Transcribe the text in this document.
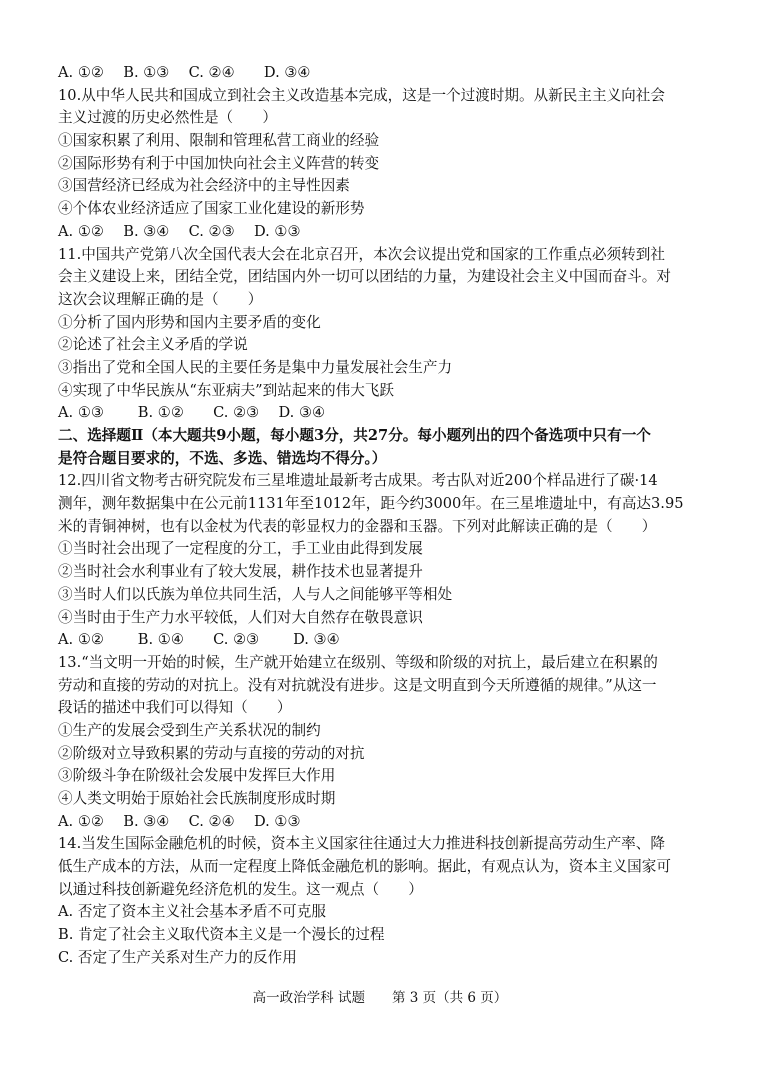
A. ①②　 B. ①③　 C. ②④　　D. ③④
10.从中华人民共和国成立到社会主义改造基本完成，这是一个过渡时期。从新民主主义向社会
主义过渡的历史必然性是（　　）
①国家积累了利用、限制和管理私营工商业的经验
②国际形势有利于中国加快向社会主义阵营的转变
③国营经济已经成为社会经济中的主导性因素
④个体农业经济适应了国家工业化建设的新形势
A. ①②　 B. ③④　 C. ②③　 D. ①③
11.中国共产党第八次全国代表大会在北京召开，本次会议提出党和国家的工作重点必须转到社
会主义建设上来，团结全党，团结国内外一切可以团结的力量，为建设社会主义中国而奋斗。对
这次会议理解正确的是（　　）
①分析了国内形势和国内主要矛盾的变化
②论述了社会主义矛盾的学说
③指出了党和全国人民的主要任务是集中力量发展社会生产力
④实现了中华民族从“东亚病夫”到站起来的伟大飞跃
A. ①③　　 B. ①②　　C. ②③　 D. ③④
二、选择题Ⅱ（本大题共9小题，每小题3分，共27分。每小题列出的四个备选项中只有一个
是符合题目要求的，不选、多选、错选均不得分。）
12.四川省文物考古研究院发布三星堆遗址最新考古成果。考古队对近200个样品进行了碳·14
测年，测年数据集中在公元前1131年至1012年，距今约3000年。在三星堆遗址中，有高达3.95
米的青铜神树，也有以金杖为代表的彰显权力的金器和玉器。下列对此解读正确的是（　　）
①当时社会出现了一定程度的分工，手工业由此得到发展
②当时社会水利事业有了较大发展，耕作技术也显著提升
③当时人们以氏族为单位共同生活，人与人之间能够平等相处
④当时由于生产力水平较低，人们对大自然存在敬畏意识
A. ①②　　 B. ①④　　C. ②③　　 D. ③④
13.“当文明一开始的时候，生产就开始建立在级别、等级和阶级的对抗上，最后建立在积累的
劳动和直接的劳动的对抗上。没有对抗就没有进步。这是文明直到今天所遵循的规律。”从这一
段话的描述中我们可以得知（　　）
①生产的发展会受到生产关系状况的制约
②阶级对立导致积累的劳动与直接的劳动的对抗
③阶级斗争在阶级社会发展中发挥巨大作用
④人类文明始于原始社会氏族制度形成时期
A. ①②　 B. ③④　 C. ②④　 D. ①③
14.当发生国际金融危机的时候，资本主义国家往往通过大力推进科技创新提高劳动生产率、降
低生产成本的方法，从而一定程度上降低金融危机的影响。据此，有观点认为，资本主义国家可
以通过科技创新避免经济危机的发生。这一观点（　　）
A. 否定了资本主义社会基本矛盾不可克服
B. 肯定了社会主义取代资本主义是一个漫长的过程
C. 否定了生产关系对生产力的反作用
高一政治学科 试题　　第 3 页（共 6 页）
